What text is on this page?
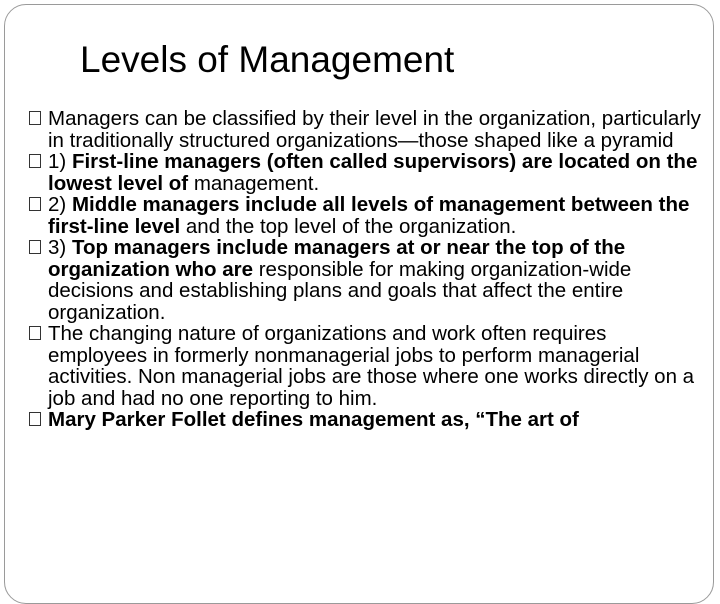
Levels of Management
Managers can be classified by their level in the organization, particularly in traditionally structured organizations—those shaped like a pyramid
1) First-line managers (often called supervisors) are located on the lowest level of management.
2) Middle managers include all levels of management between the first-line level and the top level of the organization.
3) Top managers include managers at or near the top of the organization who are responsible for making organization-wide decisions and establishing plans and goals that affect the entire organization.
The changing nature of organizations and work often requires employees in formerly nonmanagerial jobs to perform managerial activities. Non managerial jobs are those where one works directly on a job and had no one reporting to him.
Mary Parker Follet defines management as, “The art of
